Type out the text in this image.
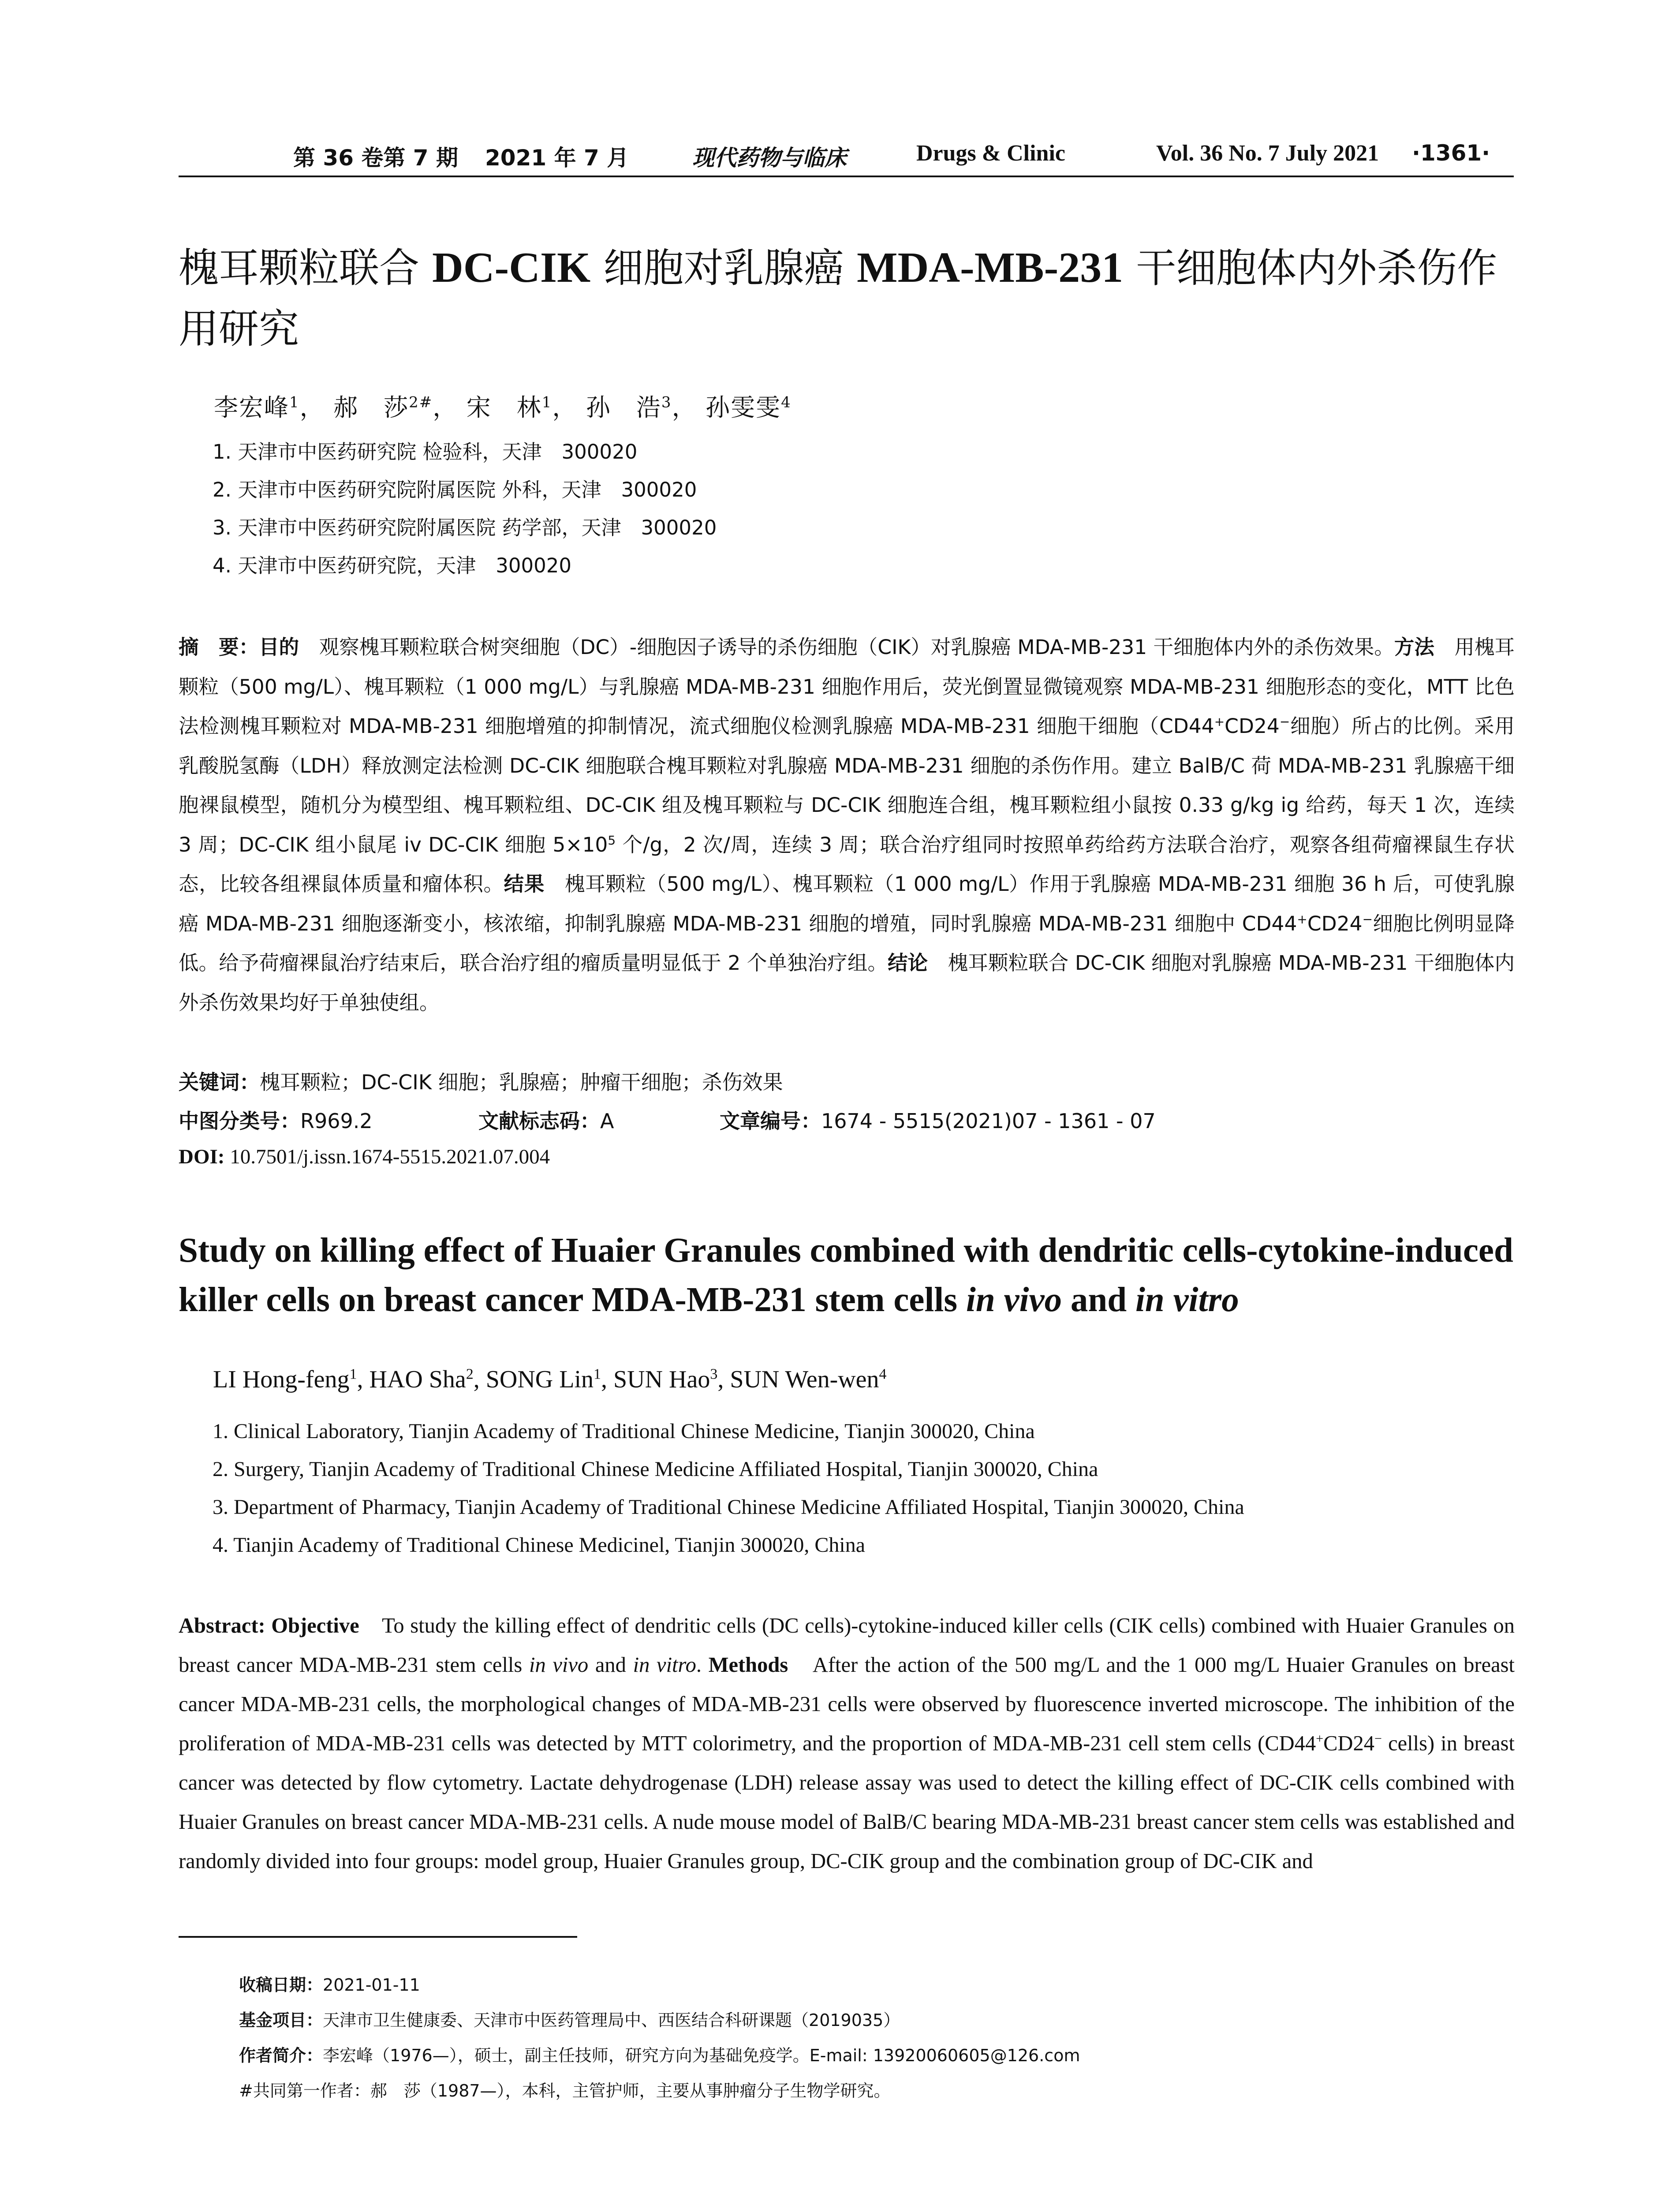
第 36 卷第 7 期 2021 年 7 月	现代药物与临床	Drugs & Clinic	Vol. 36 No. 7 July 2021 ·1361·
槐耳颗粒联合 DC-CIK 细胞对乳腺癌 MDA-MB-231 干细胞体内外杀伤作用研究
李宏峰$^1$， 郝　莎$^{2\#}$， 宋　林$^1$， 孙　浩$^3$， 孙雯雯$^4$
1. 天津市中医药研究院 检验科，天津　300020
2. 天津市中医药研究院附属医院 外科，天津　300020
3. 天津市中医药研究院附属医院 药学部，天津　300020
4. 天津市中医药研究院，天津　300020
摘　要：目的　观察槐耳颗粒联合树突细胞（DC）-细胞因子诱导的杀伤细胞（CIK）对乳腺癌 MDA-MB-231 干细胞体内外的杀伤效果。方法　用槐耳颗粒（500 mg/L）、槐耳颗粒（1 000 mg/L）与乳腺癌 MDA-MB-231 细胞作用后，荧光倒置显微镜观察 MDA-MB-231 细胞形态的变化，MTT 比色法检测槐耳颗粒对 MDA-MB-231 细胞增殖的抑制情况，流式细胞仪检测乳腺癌 MDA-MB-231 细胞干细胞（CD44+CD24−细胞）所占的比例。采用乳酸脱氢酶（LDH）释放测定法检测 DC-CIK 细胞联合槐耳颗粒对乳腺癌 MDA-MB-231 细胞的杀伤作用。建立 BalB/C 荷 MDA-MB-231 乳腺癌干细胞裸鼠模型，随机分为模型组、槐耳颗粒组、DC-CIK 组及槐耳颗粒与 DC-CIK 细胞连合组，槐耳颗粒组小鼠按 0.33 g/kg ig 给药，每天 1 次，连续 3 周；DC-CIK 组小鼠尾 iv DC-CIK 细胞 $5\times 10^5$ 个/g，2 次/周，连续 3 周；联合治疗组同时按照单药给药方法联合治疗，观察各组荷瘤裸鼠生存状态，比较各组裸鼠体质量和瘤体积。结果　槐耳颗粒（500 mg/L）、槐耳颗粒（1 000 mg/L）作用于乳腺癌 MDA-MB-231 细胞 36 h 后，可使乳腺癌 MDA-MB-231 细胞逐渐变小，核浓缩，抑制乳腺癌 MDA-MB-231 细胞的增殖，同时乳腺癌 MDA-MB-231 细胞中 CD44+CD24−细胞比例明显降低。给予荷瘤裸鼠治疗结束后，联合治疗组的瘤质量明显低于 2 个单独治疗组。结论　槐耳颗粒联合 DC-CIK 细胞对乳腺癌 MDA-MB-231 干细胞体内外杀伤效果均好于单独使组。
关键词：槐耳颗粒；DC-CIK 细胞；乳腺癌；肿瘤干细胞；杀伤效果
中图分类号：R969.2	文献标志码：A	文章编号：1674 - 5515(2021)07 - 1361 - 07
DOI: 10.7501/j.issn.1674-5515.2021.07.004
Study on killing effect of Huaier Granules combined with dendritic cells-cytokine-induced killer cells on breast cancer MDA-MB-231 stem cells in vivo and in vitro
LI Hong-feng$^1$, HAO Sha$^2$, SONG Lin$^1$, SUN Hao$^3$, SUN Wen-wen$^4$
1. Clinical Laboratory, Tianjin Academy of Traditional Chinese Medicine, Tianjin 300020, China
2. Surgery, Tianjin Academy of Traditional Chinese Medicine Affiliated Hospital, Tianjin 300020, China
3. Department of Pharmacy, Tianjin Academy of Traditional Chinese Medicine Affiliated Hospital, Tianjin 300020, China
4. Tianjin Academy of Traditional Chinese Medicinel, Tianjin 300020, China
Abstract: Objective　To study the killing effect of dendritic cells (DC cells)-cytokine-induced killer cells (CIK cells) combined with Huaier Granules on breast cancer MDA-MB-231 stem cells in vivo and in vitro. Methods　After the action of the 500 mg/L and the 1 000 mg/L Huaier Granules on breast cancer MDA-MB-231 cells, the morphological changes of MDA-MB-231 cells were observed by fluorescence inverted microscope. The inhibition of the proliferation of MDA-MB-231 cells was detected by MTT colorimetry, and the proportion of MDA-MB-231 cell stem cells (CD44+CD24− cells) in breast cancer was detected by flow cytometry. Lactate dehydrogenase (LDH) release assay was used to detect the killing effect of DC-CIK cells combined with Huaier Granules on breast cancer MDA-MB-231 cells. A nude mouse model of BalB/C bearing MDA-MB-231 breast cancer stem cells was established and randomly divided into four groups: model group, Huaier Granules group, DC-CIK group and the combination group of DC-CIK and
收稿日期：2021-01-11
基金项目：天津市卫生健康委、天津市中医药管理局中、西医结合科研课题（2019035）
作者简介：李宏峰（1976—），硕士，副主任技师，研究方向为基础免疫学。E-mail: 13920060605@126.com
#共同第一作者：郝　莎（1987—），本科，主管护师，主要从事肿瘤分子生物学研究。
